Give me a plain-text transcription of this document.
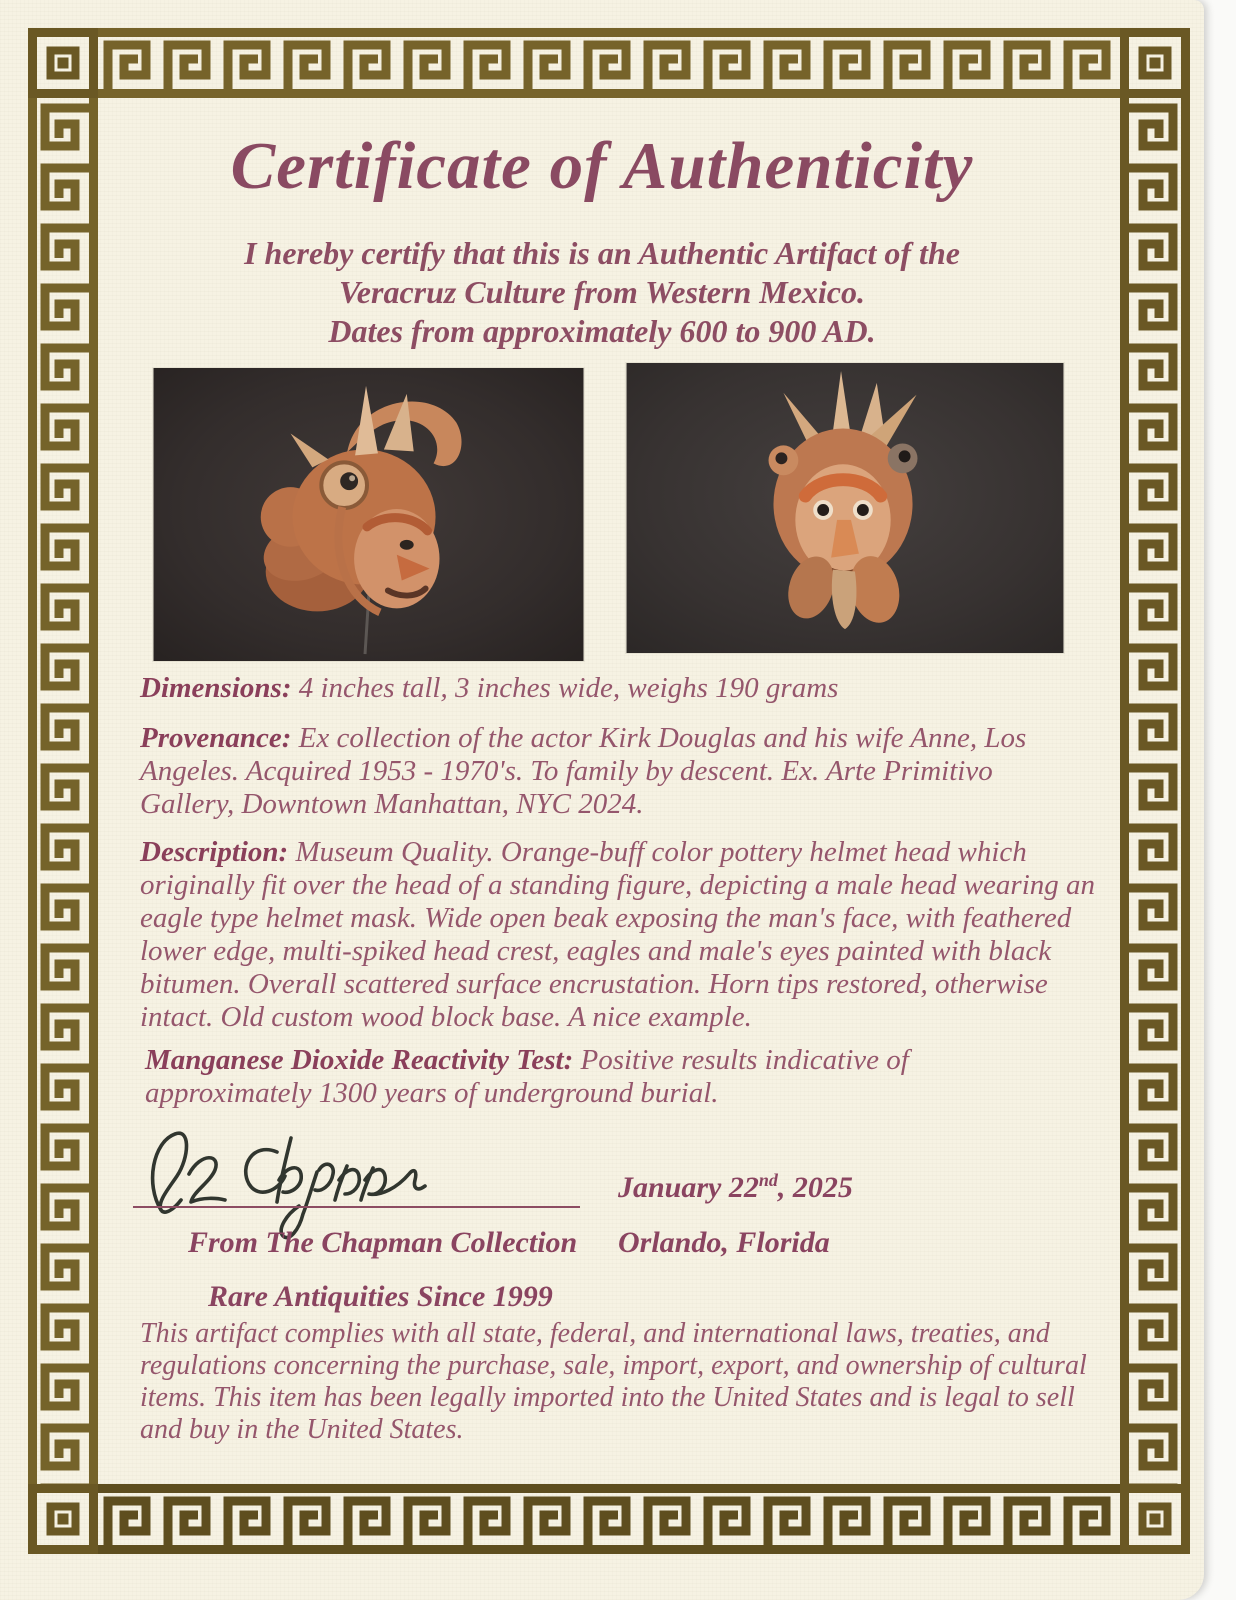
Certificate of Authenticity
I hereby certify that this is an Authentic Artifact of the
Veracruz Culture from Western Mexico.
Dates from approximately 600 to 900 AD.

Dimensions: 4 inches tall, 3 inches wide, weighs 190 grams

Provenance: Ex collection of the actor Kirk Douglas and his wife Anne, Los Angeles. Acquired 1953 - 1970's. To family by descent. Ex. Arte Primitivo Gallery, Downtown Manhattan, NYC 2024.

Description: Museum Quality. Orange-buff color pottery helmet head which originally fit over the head of a standing figure, depicting a male head wearing an eagle type helmet mask. Wide open beak exposing the man's face, with feathered lower edge, multi-spiked head crest, eagles and male's eyes painted with black bitumen. Overall scattered surface encrustation. Horn tips restored, otherwise intact. Old custom wood block base. A nice example.

Manganese Dioxide Reactivity Test: Positive results indicative of approximately 1300 years of underground burial.

January 22nd, 2025
From The Chapman Collection Orlando, Florida
Rare Antiquities Since 1999

This artifact complies with all state, federal, and international laws, treaties, and regulations concerning the purchase, sale, import, export, and ownership of cultural items. This item has been legally imported into the United States and is legal to sell and buy in the United States.
